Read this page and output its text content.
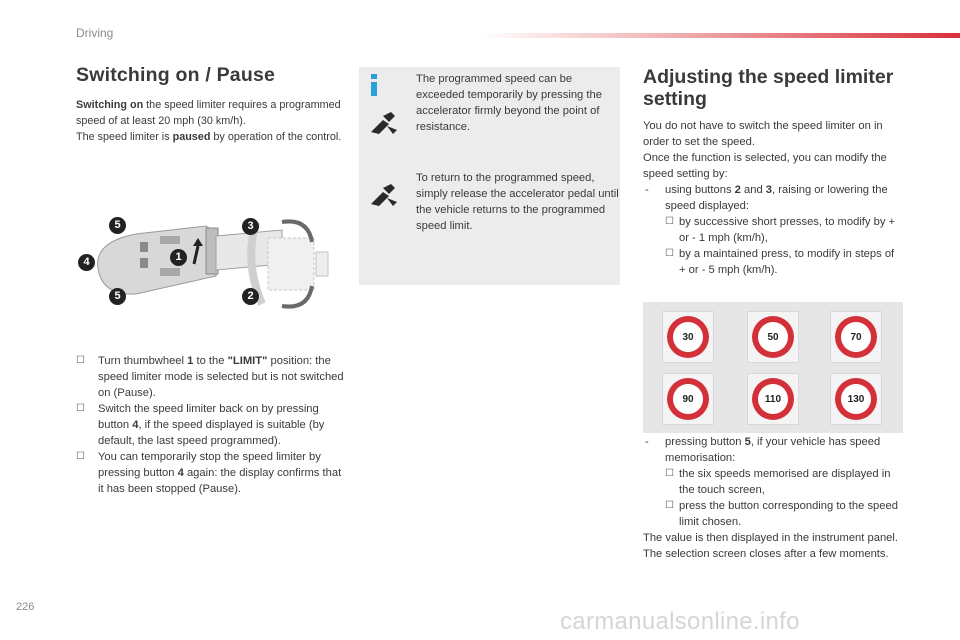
Driving
Switching on / Pause
Switching on the speed limiter requires a programmed speed of at least 20 mph (30 km/h).
The speed limiter is paused by operation of the control.
5
4	1
5
3
2
☐ Turn thumbwheel 1 to the "LIMIT" position: the speed limiter mode is selected but is not switched on (Pause).
☐ Switch the speed limiter back on by pressing button 4, if the speed displayed is suitable (by default, the last speed programmed).
☐ You can temporarily stop the speed limiter by pressing button 4 again: the display confirms that it has been stopped (Pause).
The programmed speed can be exceeded temporarily by pressing the accelerator firmly beyond the point of resistance.
To return to the programmed speed, simply release the accelerator pedal until the vehicle returns to the programmed speed limit.
Adjusting the speed limiter setting
You do not have to switch the speed limiter on in order to set the speed.
Once the function is selected, you can modify the speed setting by:
- using buttons 2 and 3, raising or lowering the speed displayed:
☐ by successive short presses, to modify by + or - 1 mph (km/h),
☐ by a maintained press, to modify in steps of + or - 5 mph (km/h).
30	50	70
90	110	130
- pressing button 5, if your vehicle has speed memorisation:
☐ the six speeds memorised are displayed in the touch screen,
☐ press the button corresponding to the speed limit chosen.
The value is then displayed in the instrument panel.
The selection screen closes after a few moments.
226
carmanualsonline.info
